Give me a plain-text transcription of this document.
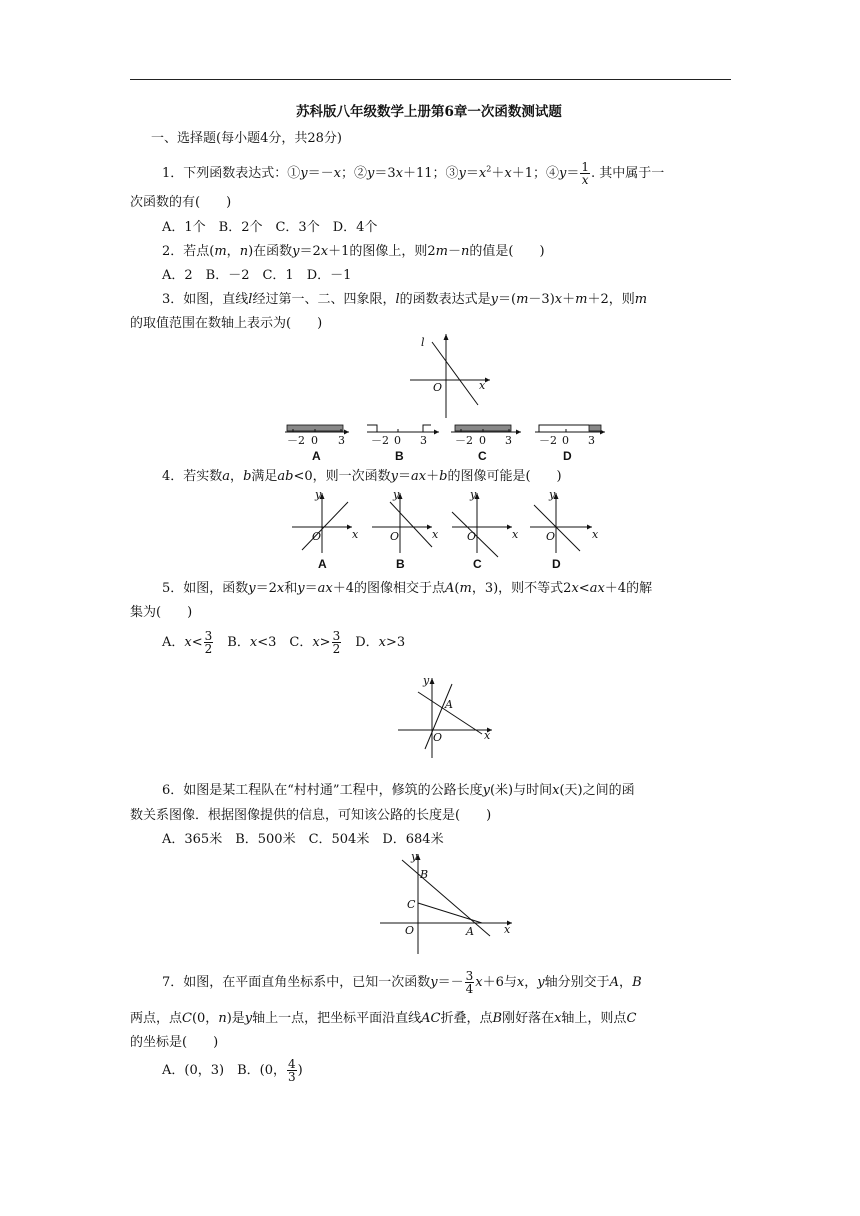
苏科版八年级数学上册第6章一次函数测试题
一、选择题(每小题4分，共28分)
1．下列函数表达式：①y＝－x；②y＝3x＋11；$③y=x^2+x+1$；④y＝ $\frac{1}{x}$ . 其中属于一
次函数的有(　　)
A．1个　B．2个　C．3个　D．4个
2．若点(m，n)在函数y＝2x＋1的图像上，则2m－n的值是(　　)
A．2　B．－2　C．1　D．－1
3．如图，直线l经过第一、二、四象限，l的函数表达式是y＝(m－3)x＋m＋2，则m
的取值范围在数轴上表示为(　　)
l
O	x
－2 0 3
A
－2 0 3
B
－2 0 3
C
－2 0 3
D
4．若实数a，b满足ab<0，则一次函数y＝ax＋b的图像可能是(　　)
y
x
O
A
y
x
O
B
y
x
O
C
y
x
O
D
5．如图，函数y＝2x和y＝ax＋4的图像相交于点A(m，3)，则不等式2x<ax＋4的解
集为(　　)
A．$x< \frac{3}{2}$
　 B．x<3　C．$x> \frac{3}{2}$
　 D．x>3
y
x
O
A
6．如图是某工程队在“村村通”工程中，修筑的公路长度y(米)与时间x(天)之间的函
数关系图像．根据图像提供的信息，可知该公路的长度是(　　)
A．365米　B．500米　C．504米　D．684米
y
x
O	A
B
C
7．如图，在平面直角坐标系中，已知一次函数$y=- \frac{3}{4} x+6$与x，y轴分别交于A，B
两点，点C(0，n)是y轴上一点，把坐标平面沿直线AC折叠，点B刚好落在x轴上，则点C
的坐标是(　　)
A．(0，3)　B．(0， $\frac{4}{3}$ )
